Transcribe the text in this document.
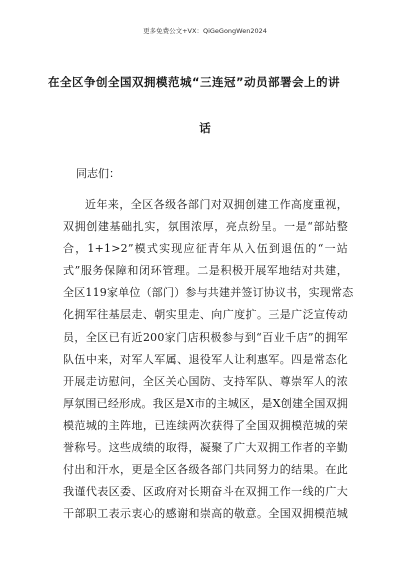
更多免费公文+VX：QiGeGongWen2024
在全区争创全国双拥模范城“三连冠”动员部署会上的讲
话
同志们：
近年来，全区各级各部门对双拥创建工作高度重视，
双拥创建基础扎实，氛围浓厚，亮点纷呈。一是“部站整
合，1+1>2”模式实现应征青年从入伍到退伍的“一站
式”服务保障和闭环管理。二是积极开展军地结对共建，
全区119家单位（部门）参与共建并签订协议书，实现常态
化拥军往基层走、朝实里走、向广度扩。三是广泛宣传动
员，全区已有近200家门店积极参与到“百业千店”的拥军
队伍中来，对军人军属、退役军人让利惠军。四是常态化
开展走访慰问，全区关心国防、支持军队、尊崇军人的浓
厚氛围已经形成。我区是X市的主城区，是X创建全国双拥
模范城的主阵地，已连续两次获得了全国双拥模范城的荣
誉称号。这些成绩的取得，凝聚了广大双拥工作者的辛勤
付出和汗水，更是全区各级各部门共同努力的结果。在此
我谨代表区委、区政府对长期奋斗在双拥工作一线的广大
干部职工表示衷心的感谢和崇高的敬意。全国双拥模范城
